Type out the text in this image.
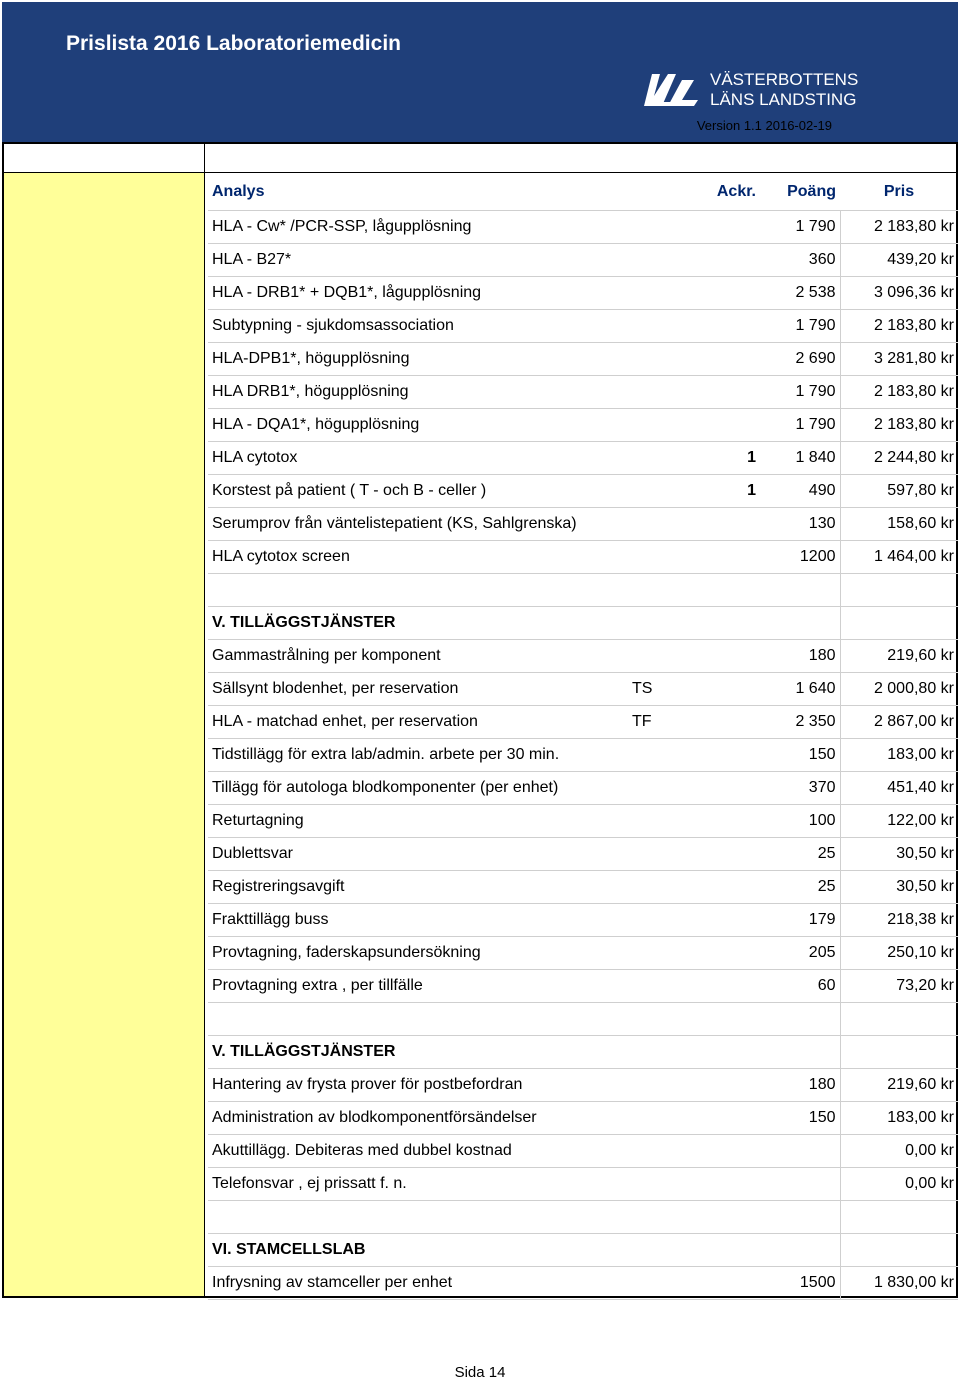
Prislista 2016 Laboratoriemedicin
VÄSTERBOTTENS
LÄNS LANDSTING
Version 1.1 2016-02-19
Analys		Ackr.	Poäng	Pris
HLA - Cw* /PCR-SSP, lågupplösning			1 790	2 183,80 kr
HLA - B27*			360	439,20 kr
HLA - DRB1* + DQB1*, lågupplösning			2 538	3 096,36 kr
Subtypning - sjukdomsassociation			1 790	2 183,80 kr
HLA-DPB1*, högupplösning			2 690	3 281,80 kr
HLA DRB1*, högupplösning			1 790	2 183,80 kr
HLA - DQA1*, högupplösning			1 790	2 183,80 kr
HLA cytotox		1	1 840	2 244,80 kr
Korstest på patient ( T - och B - celler )		1	490	597,80 kr
Serumprov från väntelistepatient (KS, Sahlgrenska)			130	158,60 kr
HLA cytotox screen			1200	1 464,00 kr

V. TILLÄGGSTJÄNSTER				
Gammastrålning per komponent			180	219,60 kr
Sällsynt blodenhet, per reservation	TS		1 640	2 000,80 kr
HLA - matchad enhet, per reservation	TF		2 350	2 867,00 kr
Tidstillägg för extra lab/admin. arbete per 30 min.			150	183,00 kr
Tillägg för autologa blodkomponenter (per enhet)			370	451,40 kr
Returtagning			100	122,00 kr
Dublettsvar			25	30,50 kr
Registreringsavgift			25	30,50 kr
Frakttillägg buss			179	218,38 kr
Provtagning, faderskapsundersökning			205	250,10 kr
Provtagning extra , per tillfälle			60	73,20 kr

V. TILLÄGGSTJÄNSTER				
Hantering av frysta prover för postbefordran			180	219,60 kr
Administration av blodkomponentförsändelser			150	183,00 kr
Akuttillägg. Debiteras med dubbel kostnad				0,00 kr
Telefonsvar , ej prissatt f. n.				0,00 kr

VI. STAMCELLSLAB				
Infrysning av stamceller per enhet			1500	1 830,00 kr
Sida 14
